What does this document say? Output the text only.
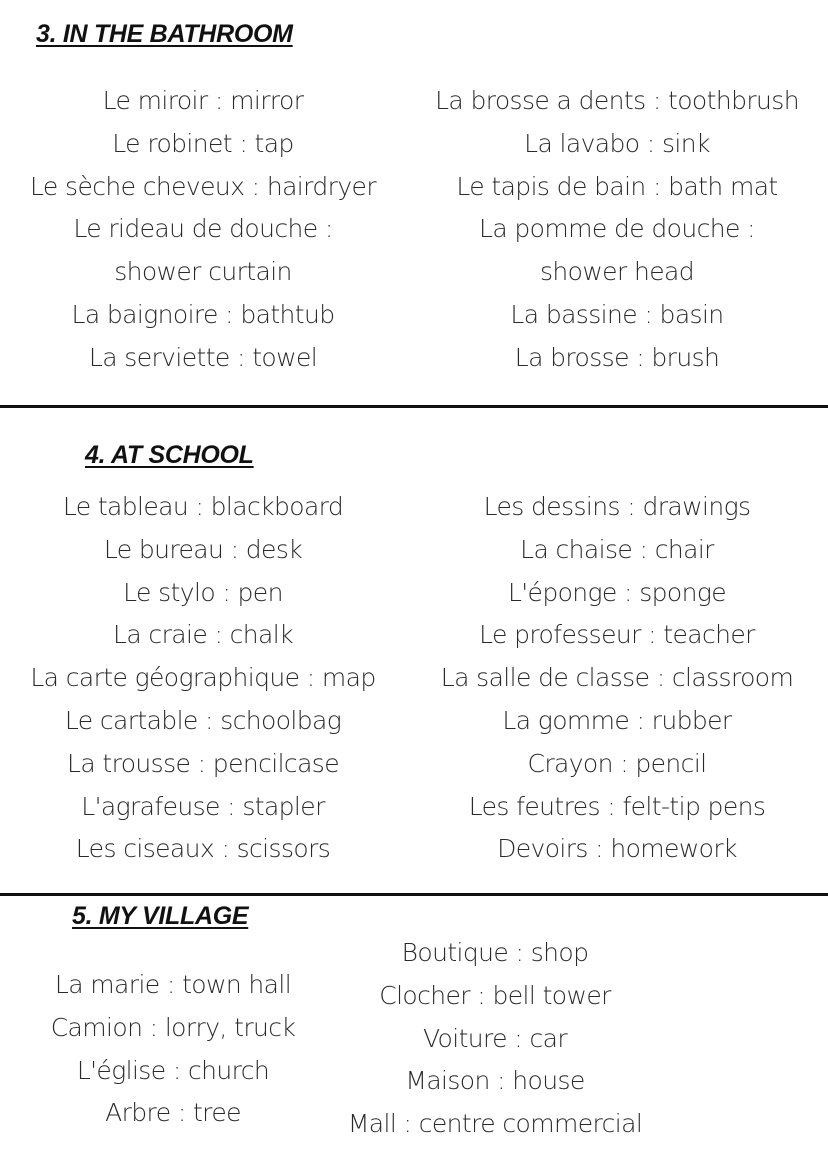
3. IN THE BATHROOM
Le miroir : mirror
Le robinet : tap
Le sèche cheveux : hairdryer
Le rideau de douche :
shower curtain
La baignoire : bathtub
La serviette : towel
La brosse a dents : toothbrush
La lavabo : sink
Le tapis de bain : bath mat
La pomme de douche :
shower head
La bassine : basin
La brosse : brush
4. AT SCHOOL
Le tableau : blackboard
Le bureau : desk
Le stylo : pen
La craie : chalk
La carte géographique : map
Le cartable : schoolbag
La trousse : pencilcase
L'agrafeuse : stapler
Les ciseaux : scissors
Les dessins : drawings
La chaise : chair
L'éponge : sponge
Le professeur : teacher
La salle de classe : classroom
La gomme : rubber
Crayon : pencil
Les feutres : felt-tip pens
Devoirs : homework
5. MY VILLAGE
La marie : town hall
Camion : lorry, truck
L'église : church
Arbre : tree
Boutique : shop
Clocher : bell tower
Voiture : car
Maison : house
Mall : centre commercial
